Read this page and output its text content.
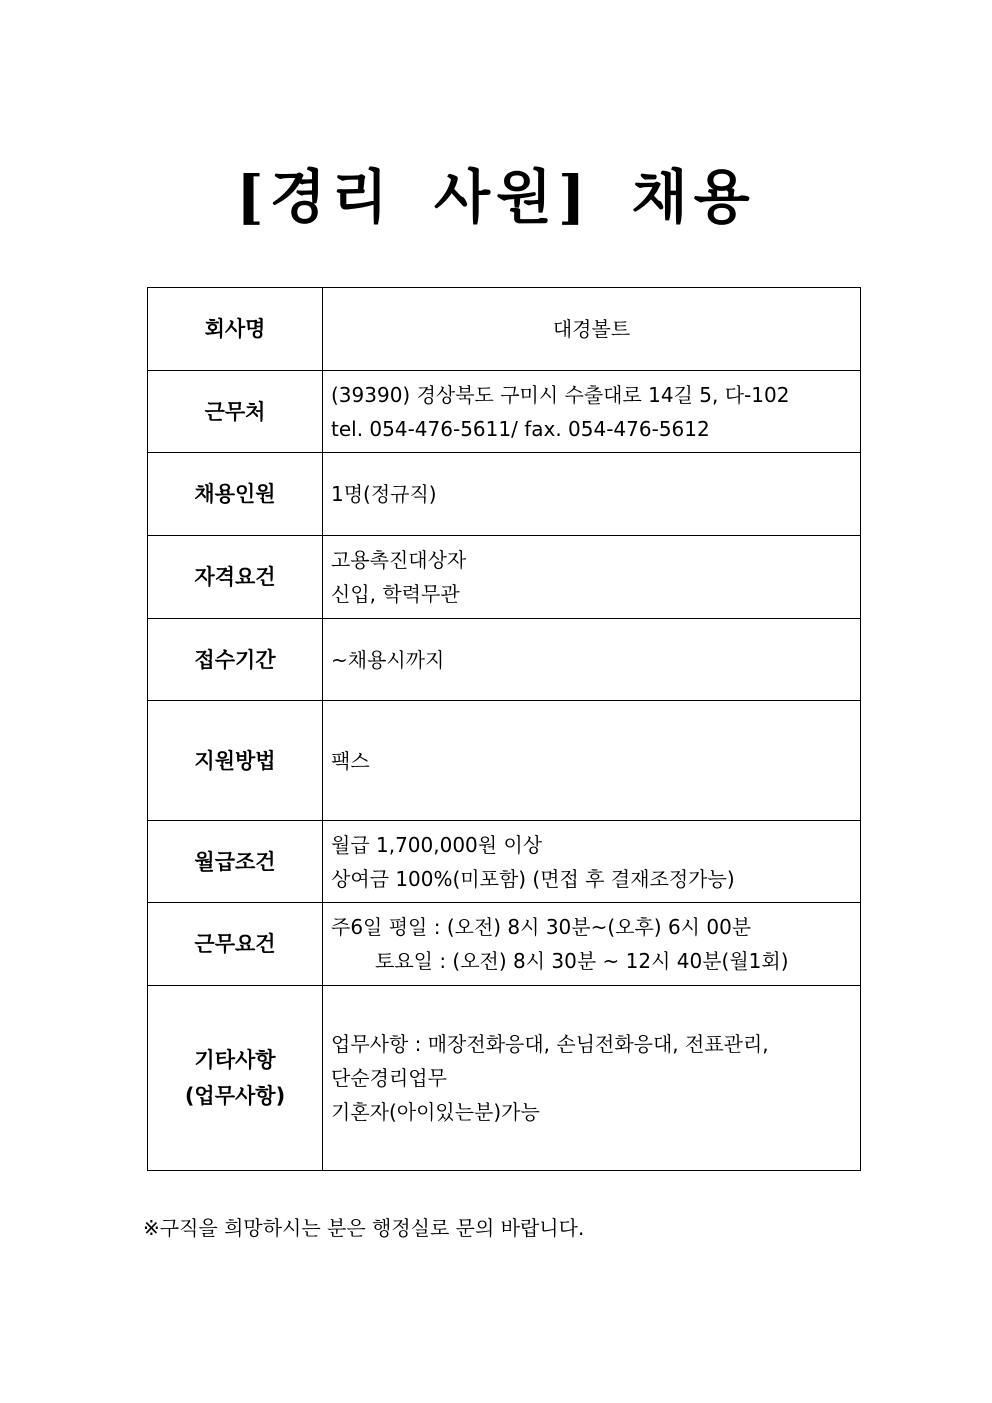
[경리 사원] 채용
회사명	대경볼트

근무처	(39390) 경상북도 구미시 수출대로 14길 5, 다-102
tel. 054-476-5611/ fax. 054-476-5612

채용인원	1명(정규직)

자격요건	고용촉진대상자
신입, 학력무관

접수기간	~채용시까지

지원방법	팩스

월급조건	월급 1,700,000원 이상
상여금 100%(미포함) (면접 후 결재조정가능)

근무요건	주6일 평일 : (오전) 8시 30분~(오후) 6시 00분
토요일 : (오전) 8시 30분 ~ 12시 40분(월1회)

기타사항
(업무사항)	업무사항 : 매장전화응대, 손님전화응대, 전표관리,
단순경리업무
기혼자(아이있는분)가능
※구직을 희망하시는 분은 행정실로 문의 바랍니다.
